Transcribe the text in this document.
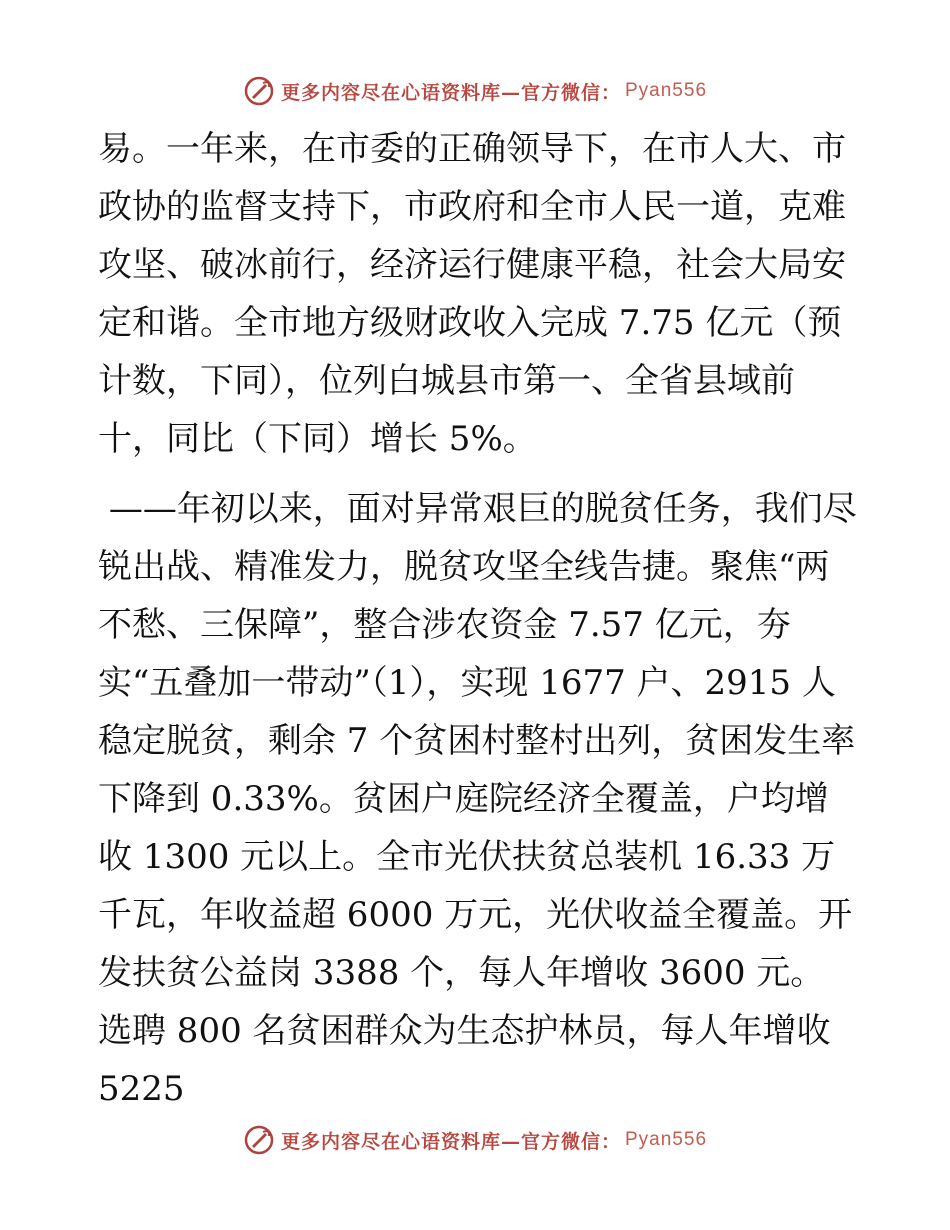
更多内容尽在心语资料库—官方微信： Pyan556

易。一年来，在市委的正确领导下，在市人大、市政协的监督支持下，市政府和全市人民一道，克难攻坚、破冰前行，经济运行健康平稳，社会大局安定和谐。全市地方级财政收入完成 7.75 亿元（预计数，下同），位列白城县市第一、全省县域前十，同比（下同）增长 5%。

——年初以来，面对异常艰巨的脱贫任务，我们尽锐出战、精准发力，脱贫攻坚全线告捷。聚焦“两不愁、三保障”，整合涉农资金 7.57 亿元，夯实“五叠加一带动”（1），实现 1677 户、2915 人稳定脱贫，剩余 7 个贫困村整村出列，贫困发生率下降到 0.33%。贫困户庭院经济全覆盖，户均增收 1300 元以上。全市光伏扶贫总装机 16.33 万千瓦，年收益超 6000 万元，光伏收益全覆盖。开发扶贫公益岗 3388 个，每人年增收 3600 元。选聘 800 名贫困群众为生态护林员，每人年增收 5225

更多内容尽在心语资料库—官方微信： Pyan556
